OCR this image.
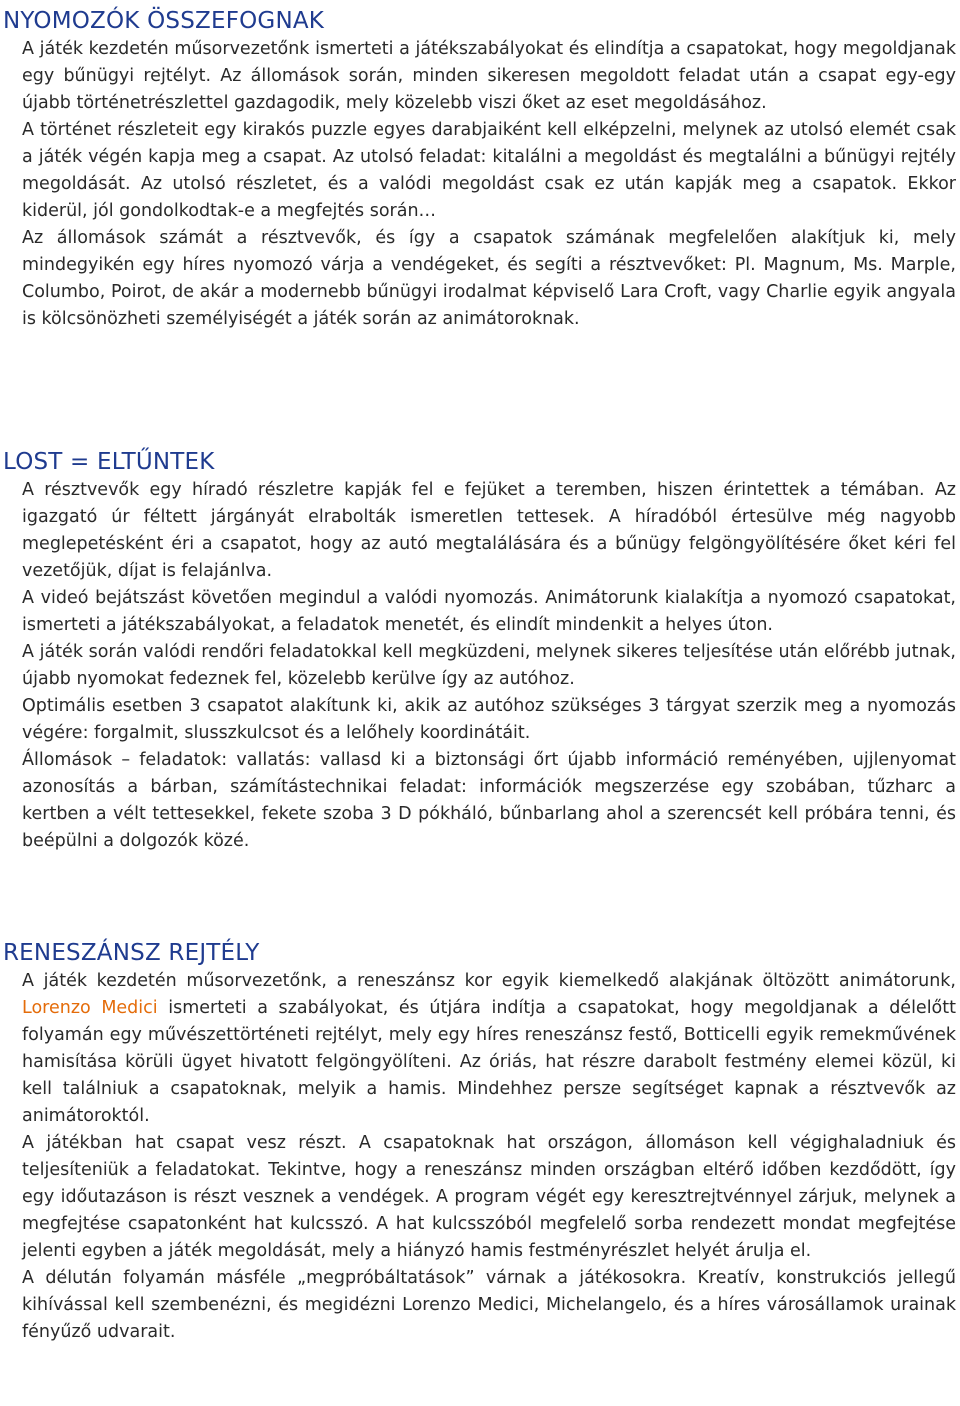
NYOMOZÓK ÖSSZEFOGNAK

A játék kezdetén műsorvezetőnk ismerteti a játékszabályokat és elindítja a csapatokat, hogy megoldjanak egy bűnügyi rejtélyt. Az állomások során, minden sikeresen megoldott feladat után a csapat egy-egy újabb történetrészlettel gazdagodik, mely közelebb viszi őket az eset megoldásához.

A történet részleteit egy kirakós puzzle egyes darabjaiként kell elképzelni, melynek az utolsó elemét csak a játék végén kapja meg a csapat. Az utolsó feladat: kitalálni a megoldást és megtalálni a bűnügyi rejtély megoldását. Az utolsó részletet, és a valódi megoldást csak ez után kapják meg a csapatok. Ekkor kiderül, jól gondolkodtak-e a megfejtés során…

Az állomások számát a résztvevők, és így a csapatok számának megfelelően alakítjuk ki, mely mindegyikén egy híres nyomozó várja a vendégeket, és segíti a résztvevőket: Pl. Magnum, Ms. Marple, Columbo, Poirot, de akár a modernebb bűnügyi irodalmat képviselő Lara Croft, vagy Charlie egyik angyala is kölcsönözheti személyiségét a játék során az animátoroknak.

LOST = ELTŰNTEK

A résztvevők egy híradó részletre kapják fel e fejüket a teremben, hiszen érintettek a témában. Az igazgató úr féltett járgányát elrabolták ismeretlen tettesek. A híradóból értesülve még nagyobb meglepetésként éri a csapatot, hogy az autó megtalálására és a bűnügy felgöngyölítésére őket kéri fel vezetőjük, díjat is felajánlva.

A videó bejátszást követően megindul a valódi nyomozás. Animátorunk kialakítja a nyomozó csapatokat, ismerteti a játékszabályokat, a feladatok menetét, és elindít mindenkit a helyes úton.

A játék során valódi rendőri feladatokkal kell megküzdeni, melynek sikeres teljesítése után előrébb jutnak, újabb nyomokat fedeznek fel, közelebb kerülve így az autóhoz.

Optimális esetben 3 csapatot alakítunk ki, akik az autóhoz szükséges 3 tárgyat szerzik meg a nyomozás végére: forgalmit, slusszkulcsot és a lelőhely koordinátáit.

Állomások – feladatok: vallatás: vallasd ki a biztonsági őrt újabb információ reményében, ujjlenyomat azonosítás a bárban, számítástechnikai feladat: információk megszerzése egy szobában, tűzharc a kertben a vélt tettesekkel, fekete szoba 3 D pókháló, bűnbarlang ahol a szerencsét kell próbára tenni, és beépülni a dolgozók közé.

RENESZÁNSZ REJTÉLY

A játék kezdetén műsorvezetőnk, a reneszánsz kor egyik kiemelkedő alakjának öltözött animátorunk, Lorenzo Medici ismerteti a szabályokat, és útjára indítja a csapatokat, hogy megoldjanak a délelőtt folyamán egy művészettörténeti rejtélyt, mely egy híres reneszánsz festő, Botticelli egyik remekművének hamisítása körüli ügyet hivatott felgöngyölíteni. Az óriás, hat részre darabolt festmény elemei közül, ki kell találniuk a csapatoknak, melyik a hamis. Mindehhez persze segítséget kapnak a résztvevők az animátoroktól.

A játékban hat csapat vesz részt. A csapatoknak hat országon, állomáson kell végighaladniuk és teljesíteniük a feladatokat. Tekintve, hogy a reneszánsz minden országban eltérő időben kezdődött, így egy időutazáson is részt vesznek a vendégek. A program végét egy keresztrejtvénnyel zárjuk, melynek a megfejtése csapatonként hat kulcsszó. A hat kulcsszóból megfelelő sorba rendezett mondat megfejtése jelenti egyben a játék megoldását, mely a hiányzó hamis festményrészlet helyét árulja el.

A délután folyamán másféle „megpróbáltatások” várnak a játékosokra. Kreatív, konstrukciós jellegű kihívással kell szembenézni, és megidézni Lorenzo Medici, Michelangelo, és a híres városállamok urainak fényűző udvarait.
